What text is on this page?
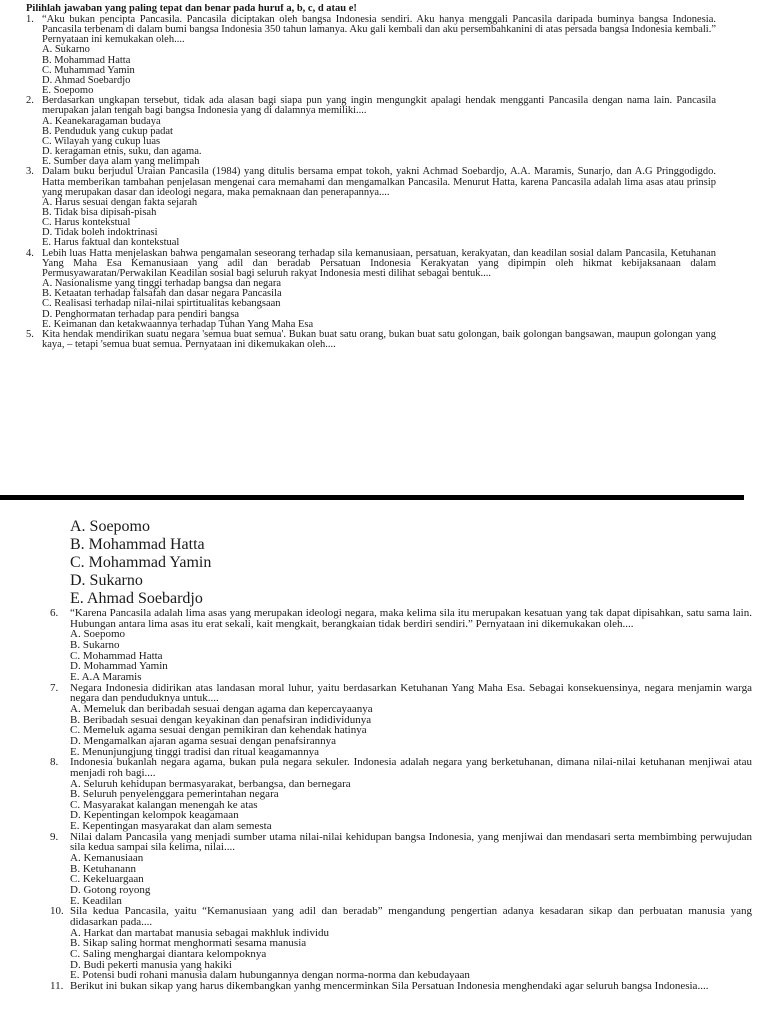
Pilihlah jawaban yang paling tepat dan benar pada huruf a, b, c, d atau e!

1. “Aku bukan pencipta Pancasila. Pancasila diciptakan oleh bangsa Indonesia sendiri. Aku hanya menggali Pancasila daripada buminya bangsa Indonesia. Pancasila terbenam di dalam bumi bangsa Indonesia 350 tahun lamanya. Aku gali kembali dan aku persembahkanini di atas persada bangsa Indonesia kembali.” Pernyataan ini kemukakan oleh....
A. Sukarno
B. Mohammad Hatta
C. Muhammad Yamin
D. Ahmad Soebardjo
E. Soepomo
2. Berdasarkan ungkapan tersebut, tidak ada alasan bagi siapa pun yang ingin mengungkit apalagi hendak mengganti Pancasila dengan nama lain. Pancasila merupakan jalan tengah bagi bangsa Indonesia yang di dalamnya memiliki....
A. Keanekaragaman budaya
B. Penduduk yang cukup padat
C. Wilayah yang cukup luas
D. keragaman etnis, suku, dan agama.
E. Sumber daya alam yang melimpah
3. Dalam buku berjudul Uraian Pancasila (1984) yang ditulis bersama empat tokoh, yakni Achmad Soebardjo, A.A. Maramis, Sunarjo, dan A.G Pringgodigdo. Hatta memberikan tambahan penjelasan mengenai cara memahami dan mengamalkan Pancasila. Menurut Hatta, karena Pancasila adalah lima asas atau prinsip yang merupakan dasar dan ideologi negara, maka pemaknaan dan penerapannya....
A. Harus sesuai dengan fakta sejarah
B. Tidak bisa dipisah-pisah
C. Harus kontekstual
D. Tidak boleh indoktrinasi
E. Harus faktual dan kontekstual
4. Lebih luas Hatta menjelaskan bahwa pengamalan seseorang terhadap sila kemanusiaan, persatuan, kerakyatan, dan keadilan sosial dalam Pancasila, Ketuhanan Yang Maha Esa Kemanusiaan yang adil dan beradab Persatuan Indonesia Kerakyatan yang dipimpin oleh hikmat kebijaksanaan dalam Permusyawaratan/Perwakilan Keadilan sosial bagi seluruh rakyat Indonesia mesti dilihat sebagai bentuk....
A. Nasionalisme yang tinggi terhadap bangsa dan negara
B. Ketaatan terhadap falsafah dan dasar negara Pancasila
C. Realisasi terhadap nilai-nilai spirtitualitas kebangsaan
D. Penghormatan terhadap para pendiri bangsa
E. Keimanan dan ketakwaannya terhadap Tuhan Yang Maha Esa
5. Kita hendak mendirikan suatu negara 'semua buat semua'. Bukan buat satu orang, bukan buat satu golongan, baik golongan bangsawan, maupun golongan yang kaya, – tetapi 'semua buat semua. Pernyataan ini dikemukakan oleh....
A. Soepomo
B. Mohammad Hatta
C. Mohammad Yamin
D. Sukarno
E. Ahmad Soebardjo
6.	“Karena Pancasila adalah lima asas yang merupakan ideologi negara, maka kelima sila itu merupakan kesatuan yang tak dapat dipisahkan, satu sama lain. Hubungan antara lima asas itu erat sekali, kait mengkait, berangkaian tidak berdiri sendiri.” Pernyataan ini dikemukakan oleh....
A. Soepomo
B. Sukarno
C. Mohammad Hatta
D. Mohammad Yamin
E. A.A Maramis
7.	Negara Indonesia didirikan atas landasan moral luhur, yaitu berdasarkan Ketuhanan Yang Maha Esa. Sebagai konsekuensinya, negara menjamin warga negara dan penduduknya untuk....
A. Memeluk dan beribadah sesuai dengan agama dan kepercayaanya
B. Beribadah sesuai dengan keyakinan dan penafsiran indidividunya
C. Memeluk agama sesuai dengan pemikiran dan kehendak hatinya
D. Mengamalkan ajaran agama sesuai dengan penafsirannya
E. Menunjungjung tinggi tradisi dan ritual keagamannya
8.	Indonesia bukanlah negara agama, bukan pula negara sekuler. Indonesia adalah negara yang berketuhanan, dimana nilai-nilai ketuhanan menjiwai atau menjadi roh bagi....
A. Seluruh kehidupan bermasyarakat, berbangsa, dan bernegara
B. Seluruh penyelenggara pemerintahan negara
C. Masyarakat kalangan menengah ke atas
D. Kepentingan kelompok keagamaan
E. Kepentingan masyarakat dan alam semesta
9.	Nilai dalam Pancasila yang menjadi sumber utama nilai-nilai kehidupan bangsa Indonesia, yang menjiwai dan mendasari serta membimbing perwujudan sila kedua sampai sila kelima, nilai....
A. Kemanusiaan
B. Ketuhanann
C. Kekeluargaan
D. Gotong royong
E. Keadilan
10. Sila kedua Pancasila, yaitu “Kemanusiaan yang adil dan beradab” mengandung pengertian adanya kesadaran sikap dan perbuatan manusia yang didasarkan pada....
A. Harkat dan martabat manusia sebagai makhluk individu
B. Sikap saling hormat menghormati sesama manusia
C. Saling menghargai diantara kelompoknya
D. Budi pekerti manusia yang hakiki
E. Potensi budi rohani manusia dalam hubungannya dengan norma-norma dan kebudayaan
11. Berikut ini bukan sikap yang harus dikembangkan yanhg mencerminkan Sila Persatuan Indonesia menghendaki agar seluruh bangsa Indonesia....
